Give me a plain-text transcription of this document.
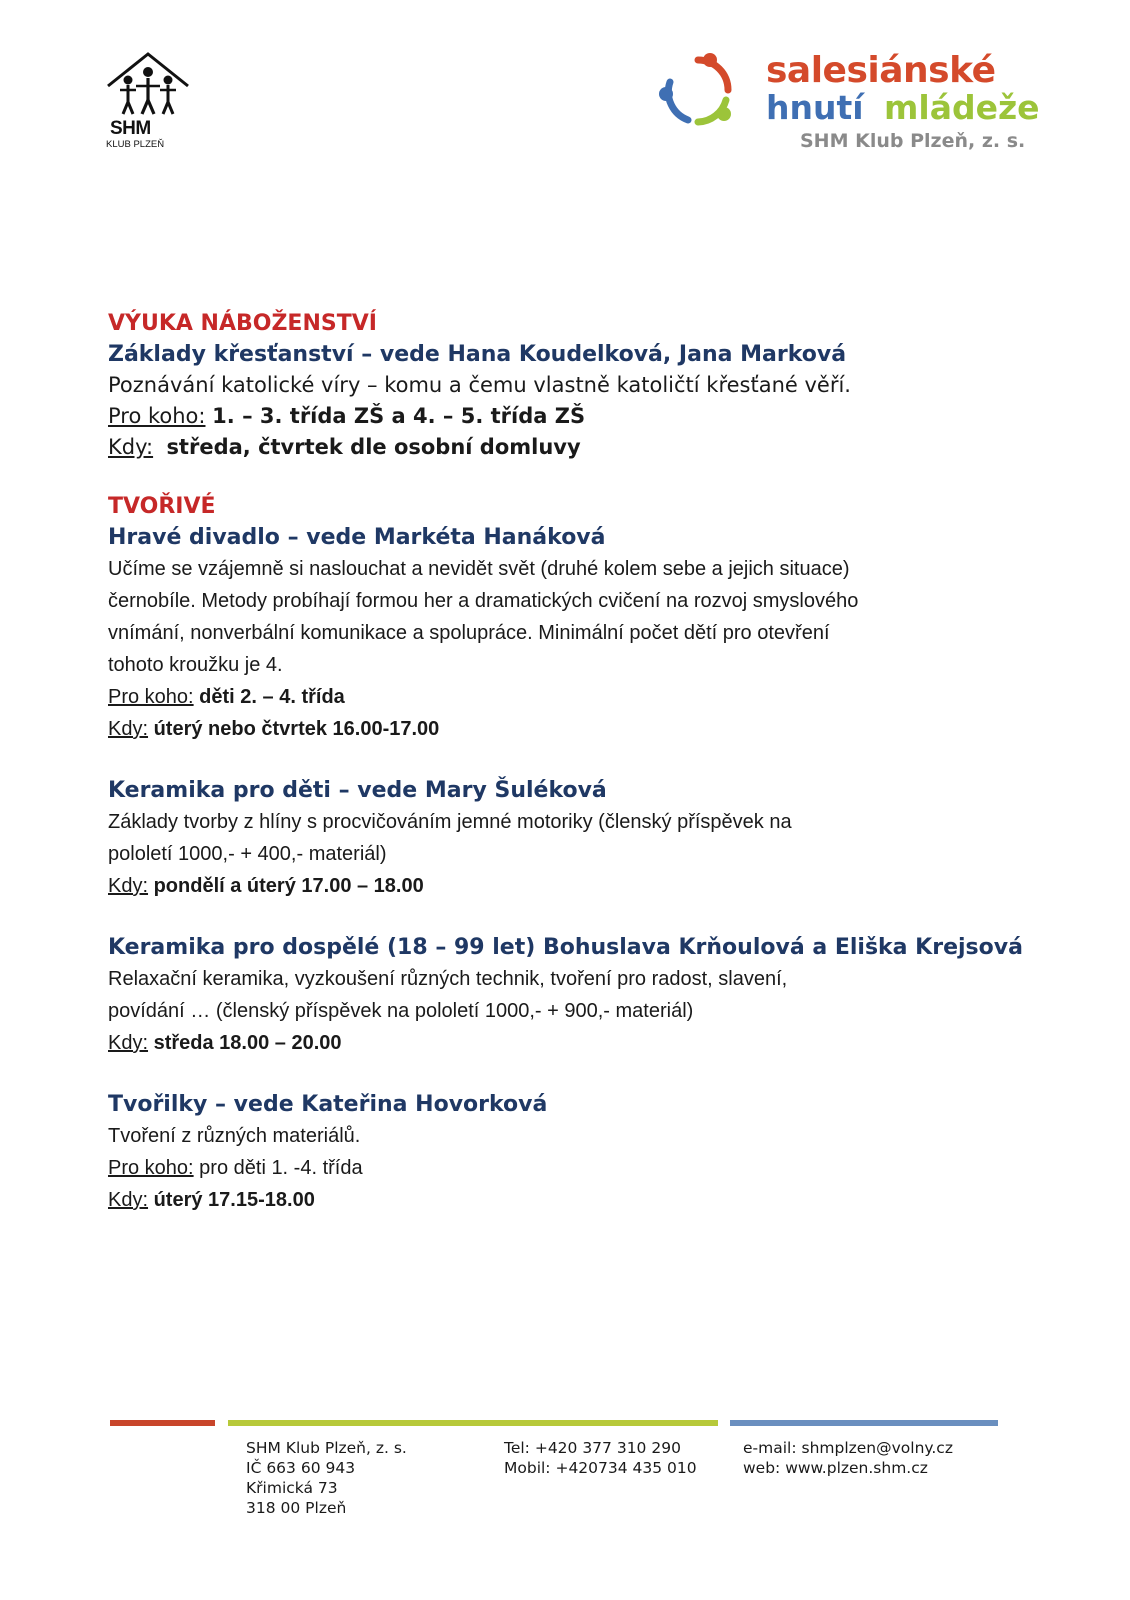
SHM
KLUB PLZEŇ
salesiánské
hnutí mládeže
SHM Klub Plzeň, z. s.

VÝUKA NÁBOŽENSTVÍ

Základy křesťanství – vede Hana Koudelková, Jana Marková

Poznávání katolické víry – komu a čemu vlastně katoličtí křesťané věří.

Pro koho: 1. – 3. třída ZŠ a 4. – 5. třída ZŠ

Kdy: středa, čtvrtek dle osobní domluvy

TVOŘIVÉ

Hravé divadlo – vede Markéta Hanáková

Učíme se vzájemně si naslouchat a nevidět svět (druhé kolem sebe a jejich situace)

černobíle. Metody probíhají formou her a dramatických cvičení na rozvoj smyslového

vnímání, nonverbální komunikace a spolupráce. Minimální počet dětí pro otevření

tohoto kroužku je 4.

Pro koho: děti 2. – 4. třída

Kdy: úterý nebo čtvrtek 16.00-17.00

Keramika pro děti – vede Mary Šuléková

Základy tvorby z hlíny s procvičováním jemné motoriky (členský příspěvek na

pololetí 1000,- + 400,- materiál)

Kdy: pondělí a úterý 17.00 – 18.00

Keramika pro dospělé (18 – 99 let) Bohuslava Krňoulová a Eliška Krejsová

Relaxační keramika, vyzkoušení různých technik, tvoření pro radost, slavení,

povídání … (členský příspěvek na pololetí 1000,- + 900,- materiál)

Kdy: středa 18.00 – 20.00

Tvořilky – vede Kateřina Hovorková

Tvoření z různých materiálů.

Pro koho: pro děti 1. -4. třída

Kdy: úterý 17.15-18.00

SHM Klub Plzeň, z. s.
IČ 663 60 943
Křimická 73
318 00 Plzeň
Tel: +420 377 310 290
Mobil: +420734 435 010
e-mail: shmplzen@volny.cz
web: www.plzen.shm.cz
